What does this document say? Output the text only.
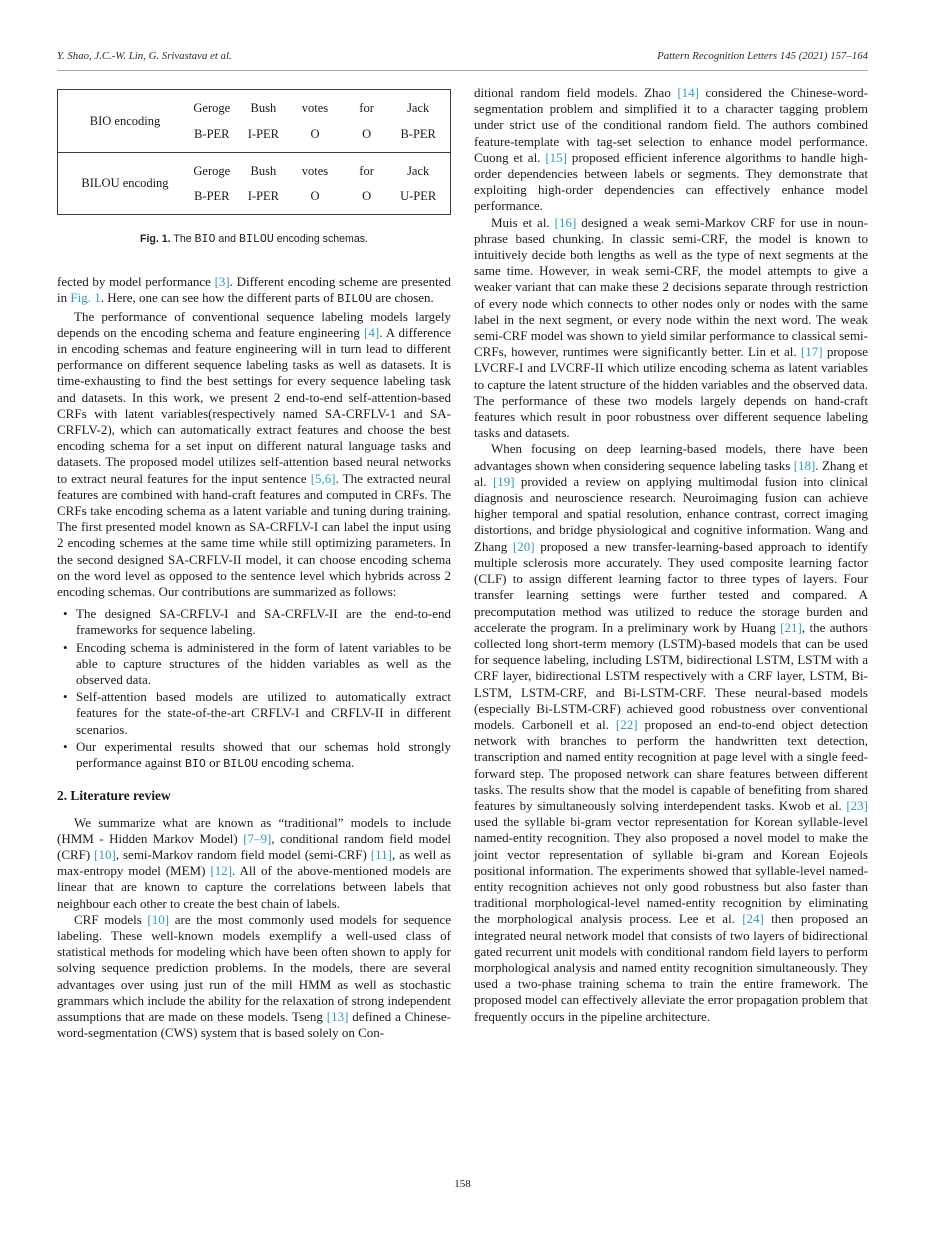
Y. Shao, J.C.-W. Lin, G. Srivastava et al.	Pattern Recognition Letters 145 (2021) 157–164
BIO encoding
Geroge
B-PER
Bush
I-PER
votes
O
for
O
Jack
B-PER
BILOU encoding
Geroge
B-PER
Bush
I-PER
votes
O
for
O
Jack
U-PER
Fig. 1. The BIO and BILOU encoding schemas.

fected by model performance [3]. Different encoding scheme are presented in Fig. 1. Here, one can see how the different parts of BILOU are chosen.

The performance of conventional sequence labeling models largely depends on the encoding schema and feature engineering [4]. A difference in encoding schemas and feature engineering will in turn lead to different performance on different sequence labeling tasks as well as datasets. It is time-exhausting to find the best settings for every sequence labeling task and datasets. In this work, we present 2 end-to-end self-attention-based CRFs with latent variables(respectively named SA-CRFLV-1 and SA-CRFLV-2), which can automatically extract features and choose the best encoding schema for a set input on different natural language tasks and datasets. The proposed model utilizes self-attention based neural networks to extract neural features for the input sentence [5,6]. The extracted neural features are combined with hand-craft features and computed in CRFs. The CRFs take encoding schema as a latent variable and tuning during training. The first presented model known as SA-CRFLV-I can label the input using 2 encoding schemes at the same time while still optimizing parameters. In the second designed SA-CRFLV-II model, it can choose encoding schema on the word level as opposed to the sentence level which hybrids across 2 encoding schemas. Our contributions are summarized as follows:

• The designed SA-CRFLV-I and SA-CRFLV-II are the end-to-end frameworks for sequence labeling.
• Encoding schema is administered in the form of latent variables to be able to capture structures of the hidden variables as well as the observed data.
• Self-attention based models are utilized to automatically extract features for the state-of-the-art CRFLV-I and CRFLV-II in different scenarios.
• Our experimental results showed that our schemas hold strongly performance against BIO or BILOU encoding schema.
2. Literature review

We summarize what are known as “traditional” models to include (HMM - Hidden Markov Model) [7–9], conditional random field model (CRF) [10], semi-Markov random field model (semi-CRF) [11], as well as max-entropy model (MEM) [12]. All of the above-mentioned models are linear that are known to capture the correlations between labels that neighbour each other to create the best chain of labels.

CRF models [10] are the most commonly used models for sequence labeling. These well-known models exemplify a well-used class of statistical methods for modeling which have been often shown to apply for solving sequence prediction problems. In the models, there are several advantages over using just run of the mill HMM as well as stochastic grammars which include the ability for the relaxation of strong independent assumptions that are made on these models. Tseng [13] defined a Chinese-word-segmentation (CWS) system that is based solely on Con-

ditional random field models. Zhao [14] considered the Chinese-word-segmentation problem and simplified it to a character tagging problem under strict use of the conditional random field. The authors combined feature-template with tag-set selection to enhance model performance. Cuong et al. [15] proposed efficient inference algorithms to handle high-order dependencies between labels or segments. They demonstrate that exploiting high-order dependencies can effectively enhance model performance.

Muis et al. [16] designed a weak semi-Markov CRF for use in noun-phrase based chunking. In classic semi-CRF, the model is known to intuitively decide both lengths as well as the type of next segments at the same time. However, in weak semi-CRF, the model attempts to give a weaker variant that can make these 2 decisions separate through restriction of every node which connects to other nodes only or nodes with the same label in the next segment, or every node within the next word. The weak semi-CRF model was shown to yield similar performance to classical semi-CRFs, however, runtimes were significantly better. Lin et al. [17] propose LVCRF-I and LVCRF-II which utilize encoding schema as latent variables to capture the latent structure of the hidden variables and the observed data. The performance of these two models largely depends on hand-craft features which result in poor robustness over different sequence labeling tasks and datasets.

When focusing on deep learning-based models, there have been advantages shown when considering sequence labeling tasks [18]. Zhang et al. [19] provided a review on applying multimodal fusion into clinical diagnosis and neuroscience research. Neuroimaging fusion can achieve higher temporal and spatial resolution, enhance contrast, correct imaging distortions, and bridge physiological and cognitive information. Wang and Zhang [20] proposed a new transfer-learning-based approach to identify multiple sclerosis more accurately. They used composite learning factor (CLF) to assign different learning factor to three types of layers. Four transfer learning settings were further tested and compared. A precomputation method was utilized to reduce the storage burden and accelerate the program. In a preliminary work by Huang [21], the authors collected long short-term memory (LSTM)-based models that can be used for sequence labeling, including LSTM, bidirectional LSTM, LSTM with a CRF layer, bidirectional LSTM respectively with a CRF layer, LSTM, Bi-LSTM, LSTM-CRF, and Bi-LSTM-CRF. These neural-based models (especially Bi-LSTM-CRF) achieved good robustness over conventional models. Carbonell et al. [22] proposed an end-to-end object detection network with branches to perform the handwritten text detection, transcription and named entity recognition at page level with a single feed-forward step. The proposed network can share features between different tasks. The results show that the model is capable of benefiting from shared features by simultaneously solving interdependent tasks. Kwob et al. [23] used the syllable bi-gram vector representation for Korean syllable-level named-entity recognition. They also proposed a novel model to make the joint vector representation of syllable bi-gram and Korean Eojeols positional information. The experiments showed that syllable-level named-entity recognition achieves not only good robustness but also faster than traditional morphological-level named-entity recognition by eliminating the morphological analysis process. Lee et al. [24] then proposed an integrated neural network model that consists of two layers of bidirectional gated recurrent unit models with conditional random field layers to perform morphological analysis and named entity recognition simultaneously. They used a two-phase training schema to train the entire framework. The proposed model can effectively alleviate the error propagation problem that frequently occurs in the pipeline architecture.

158
